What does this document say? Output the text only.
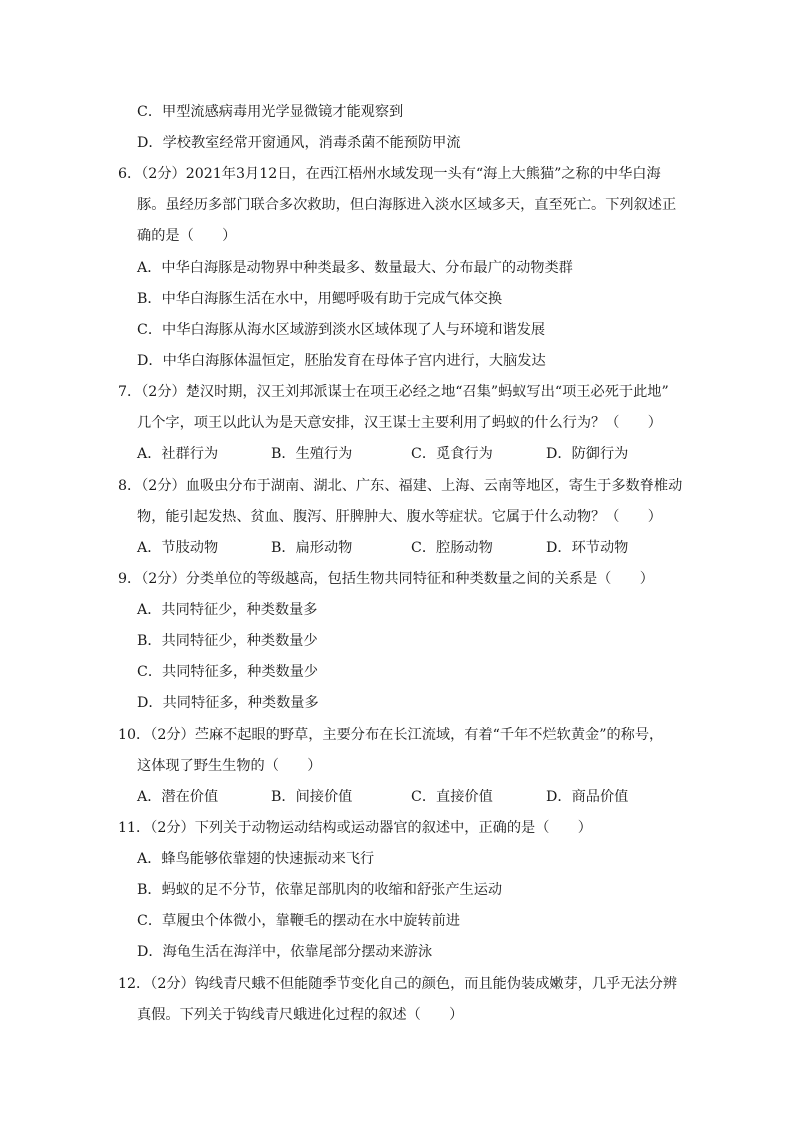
C．甲型流感病毒用光学显微镜才能观察到
D．学校教室经常开窗通风，消毒杀菌不能预防甲流
6．（2分）2021年3月12日，在西江梧州水域发现一头有“海上大熊猫”之称的中华白海
豚。虽经历多部门联合多次救助，但白海豚进入淡水区域多天，直至死亡。下列叙述正
确的是（　　）
A．中华白海豚是动物界中种类最多、数量最大、分布最广的动物类群
B．中华白海豚生活在水中，用鳃呼吸有助于完成气体交换
C．中华白海豚从海水区域游到淡水区域体现了人与环境和谐发展
D．中华白海豚体温恒定，胚胎发育在母体子宫内进行，大脑发达
7．（2分）楚汉时期，汉王刘邦派谋士在项王必经之地“召集”蚂蚁写出“项王必死于此地”
几个字，项王以此认为是天意安排，汉王谋士主要利用了蚂蚁的什么行为？（　　）
A．社群行为	B．生殖行为	C．觅食行为	D．防御行为
8．（2分）血吸虫分布于湖南、湖北、广东、福建、上海、云南等地区，寄生于多数脊椎动
物，能引起发热、贫血、腹泻、肝脾肿大、腹水等症状。它属于什么动物？（　　）
A．节肢动物	B．扁形动物	C．腔肠动物	D．环节动物
9．（2分）分类单位的等级越高，包括生物共同特征和种类数量之间的关系是（　　）
A．共同特征少，种类数量多
B．共同特征少，种类数量少
C．共同特征多，种类数量少
D．共同特征多，种类数量多
10．（2分）苎麻不起眼的野草，主要分布在长江流域，有着“千年不烂软黄金”的称号，
这体现了野生生物的（　　）
A．潜在价值	B．间接价值	C．直接价值	D．商品价值
11．（2分）下列关于动物运动结构或运动器官的叙述中，正确的是（　　）
A．蜂鸟能够依靠翅的快速振动来飞行
B．蚂蚁的足不分节，依靠足部肌肉的收缩和舒张产生运动
C．草履虫个体微小，靠鞭毛的摆动在水中旋转前进
D．海龟生活在海洋中，依靠尾部分摆动来游泳
12．（2分）钩线青尺蛾不但能随季节变化自己的颜色，而且能伪装成嫩芽，几乎无法分辨
真假。下列关于钩线青尺蛾进化过程的叙述（　　）
